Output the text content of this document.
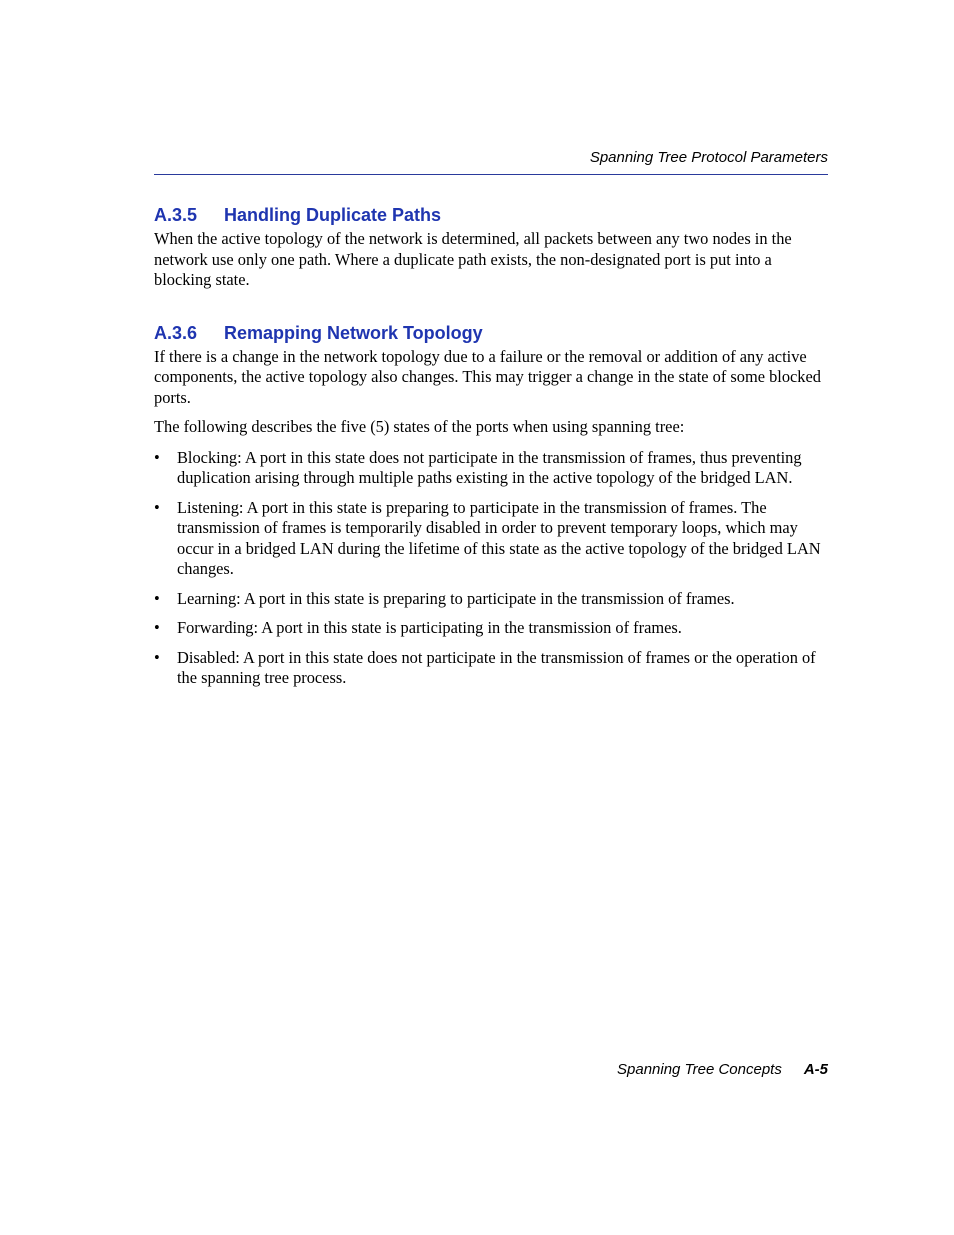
Spanning Tree Protocol Parameters
A.3.5	Handling Duplicate Paths

When the active topology of the network is determined, all packets between any two nodes in the network use only one path. Where a duplicate path exists, the non-designated port is put into a blocking state.

A.3.6	Remapping Network Topology

If there is a change in the network topology due to a failure or the removal or addition of any active components, the active topology also changes. This may trigger a change in the state of some blocked ports.

The following describes the five (5) states of the ports when using spanning tree:

• Blocking: A port in this state does not participate in the transmission of frames, thus preventing duplication arising through multiple paths existing in the active topology of the bridged LAN.
• Listening: A port in this state is preparing to participate in the transmission of frames. The transmission of frames is temporarily disabled in order to prevent temporary loops, which may occur in a bridged LAN during the lifetime of this state as the active topology of the bridged LAN changes.
• Learning: A port in this state is preparing to participate in the transmission of frames.
• Forwarding: A port in this state is participating in the transmission of frames.
• Disabled: A port in this state does not participate in the transmission of frames or the operation of the spanning tree process.
Spanning Tree Concepts A-5
